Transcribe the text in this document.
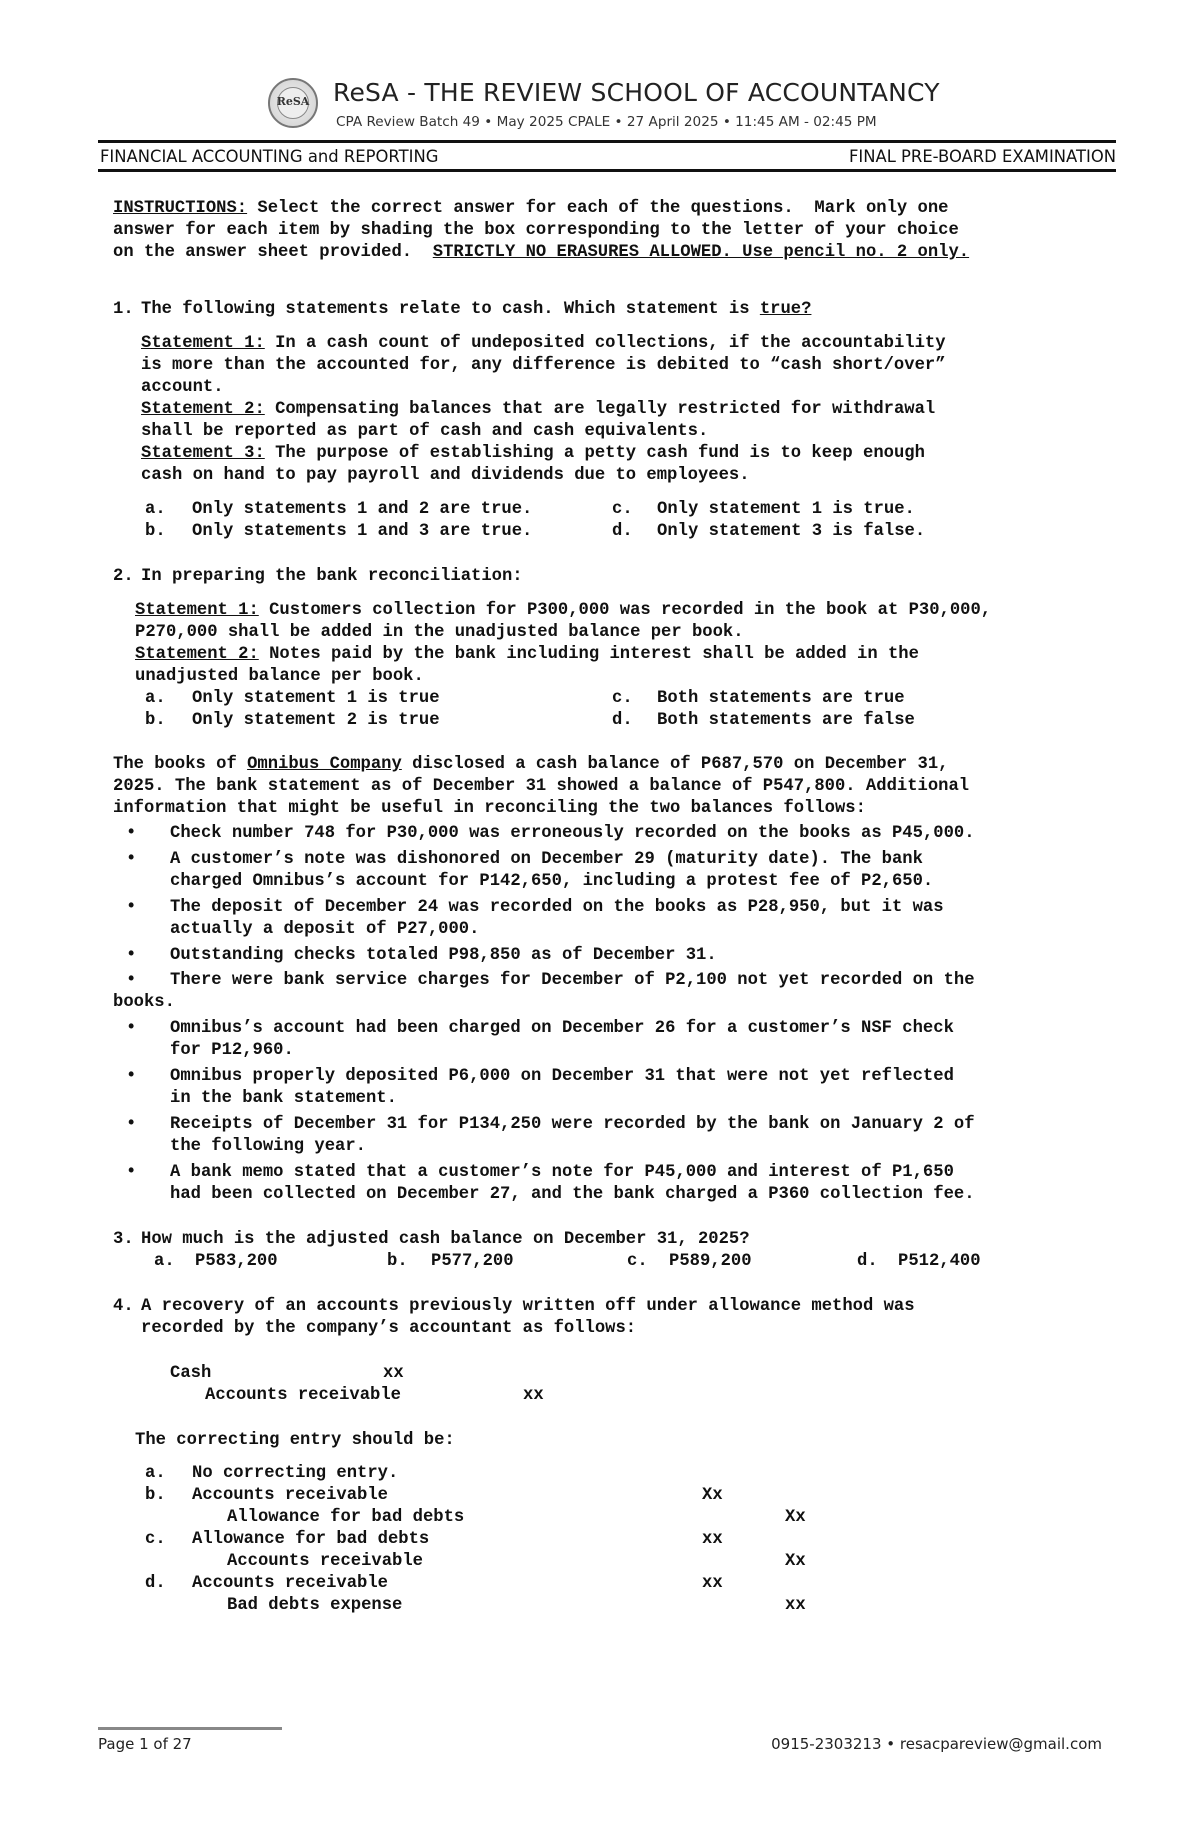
ReSA ReSA - THE REVIEW SCHOOL OF ACCOUNTANCY
CPA Review Batch 49 • May 2025 CPALE • 27 April 2025 • 11:45 AM - 02:45 PM
FINANCIAL ACCOUNTING and REPORTING	FINAL PRE-BOARD EXAMINATION
INSTRUCTIONS: Select the correct answer for each of the questions.  Mark only one
answer for each item by shading the box corresponding to the letter of your choice
on the answer sheet provided.  STRICTLY NO ERASURES ALLOWED. Use pencil no. 2 only.
1. The following statements relate to cash. Which statement is true?
Statement 1: In a cash count of undeposited collections, if the accountability
is more than the accounted for, any difference is debited to “cash short/over”
account.
Statement 2: Compensating balances that are legally restricted for withdrawal
shall be reported as part of cash and cash equivalents.
Statement 3: The purpose of establishing a petty cash fund is to keep enough
cash on hand to pay payroll and dividends due to employees.
a. Only statements 1 and 2 are true.	c. Only statement 1 is true.
b. Only statements 1 and 3 are true.	d. Only statement 3 is false.
2. In preparing the bank reconciliation:
Statement 1: Customers collection for P300,000 was recorded in the book at P30,000,
P270,000 shall be added in the unadjusted balance per book.
Statement 2: Notes paid by the bank including interest shall be added in the
unadjusted balance per book.
a. Only statement 1 is true	c. Both statements are true
b. Only statement 2 is true	d. Both statements are false
The books of Omnibus Company disclosed a cash balance of P687,570 on December 31,
2025. The bank statement as of December 31 showed a balance of P547,800. Additional
information that might be useful in reconciling the two balances follows:
• Check number 748 for P30,000 was erroneously recorded on the books as P45,000.
• A customer’s note was dishonored on December 29 (maturity date). The bank
charged Omnibus’s account for P142,650, including a protest fee of P2,650.
• The deposit of December 24 was recorded on the books as P28,950, but it was
actually a deposit of P27,000.
• Outstanding checks totaled P98,850 as of December 31.
• There were bank service charges for December of P2,100 not yet recorded on the
books.
• Omnibus’s account had been charged on December 26 for a customer’s NSF check
for P12,960.
• Omnibus properly deposited P6,000 on December 31 that were not yet reflected
in the bank statement.
• Receipts of December 31 for P134,250 were recorded by the bank on January 2 of
the following year.
• A bank memo stated that a customer’s note for P45,000 and interest of P1,650
had been collected on December 27, and the bank charged a P360 collection fee.
3. How much is the adjusted cash balance on December 31, 2025?
a. P583,200	b. P577,200	c. P589,200	d. P512,400
4. A recovery of an accounts previously written off under allowance method was
recorded by the company’s accountant as follows:
Cash	xx
Accounts receivable	xx
The correcting entry should be:
a. No correcting entry.
b. Accounts receivable	Xx
Allowance for bad debts	Xx
c. Allowance for bad debts	xx
Accounts receivable	Xx
d. Accounts receivable	xx
Bad debts expense	xx
Page 1 of 27	0915-2303213 • resacpareview@gmail.com
